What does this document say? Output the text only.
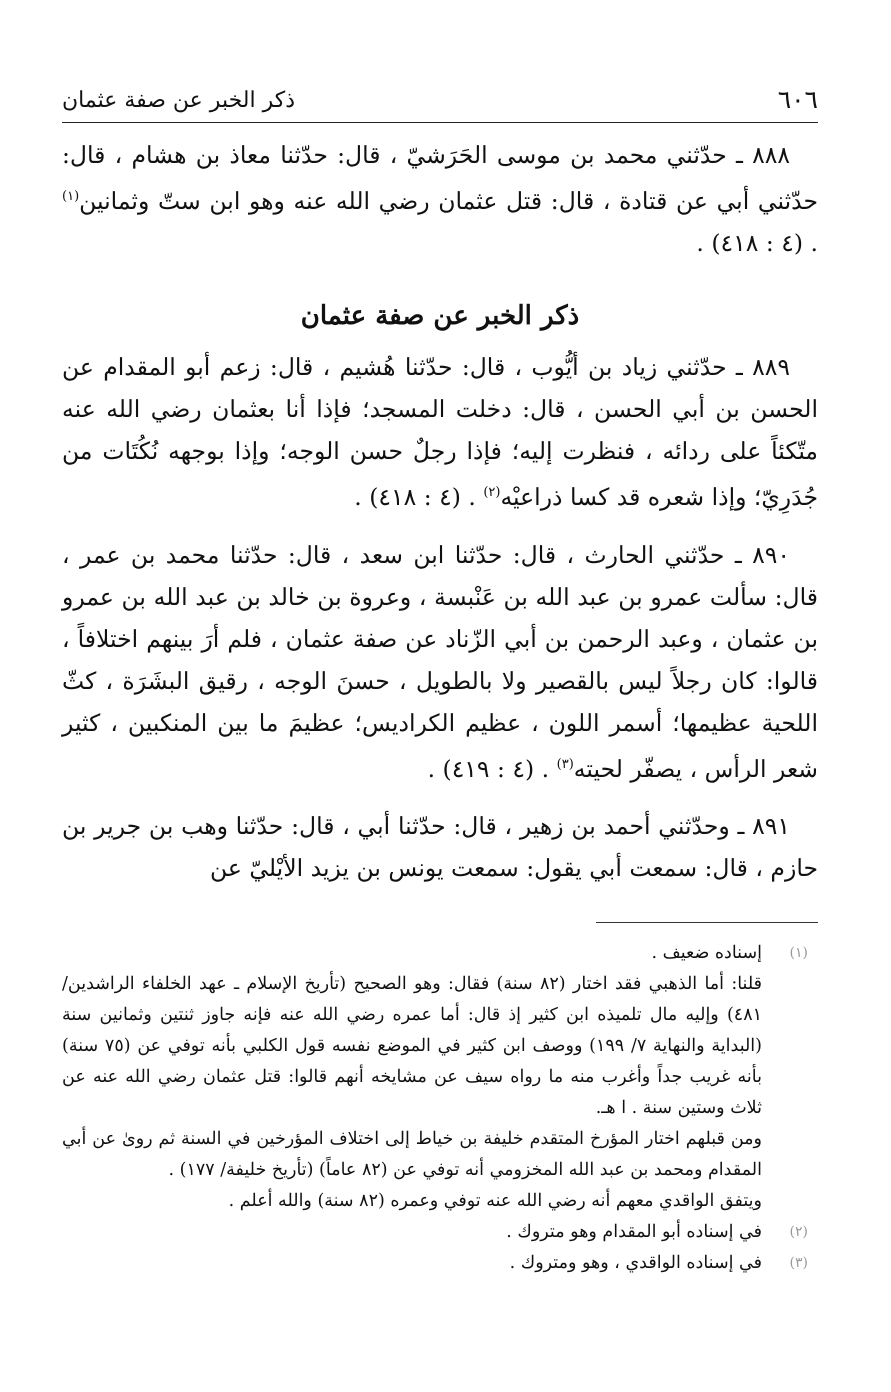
٦٠٦
ذكر الخبر عن صفة عثمان

٨٨٨ ـ حدّثني محمد بن موسى الحَرَشيّ ، قال: حدّثنا معاذ بن هشام ، قال: حدّثني أبي عن قتادة ، قال: قتل عثمان رضي الله عنه وهو ابن ستّ وثمانين$^{(١)}$ . (٤ : ٤١٨) .

ذكر الخبر عن صفة عثمان

٨٨٩ ـ حدّثني زياد بن أيُّوب ، قال: حدّثنا هُشيم ، قال: زعم أبو المقدام عن الحسن بن أبي الحسن ، قال: دخلت المسجد؛ فإذا أنا بعثمان رضي الله عنه متّكئاً على ردائه ، فنظرت إليه؛ فإذا رجلٌ حسن الوجه؛ وإذا بوجهه نُكُتَات من جُدَرِيّ؛ وإذا شعره قد كسا ذراعيْه$^{(٢)}$ . (٤ : ٤١٨) .

٨٩٠ ـ حدّثني الحارث ، قال: حدّثنا ابن سعد ، قال: حدّثنا محمد بن عمر ، قال: سألت عمرو بن عبد الله بن عَنْبسة ، وعروة بن خالد بن عبد الله بن عمرو بن عثمان ، وعبد الرحمن بن أبي الزّناد عن صفة عثمان ، فلم أرَ بينهم اختلافاً ، قالوا: كان رجلاً ليس بالقصير ولا بالطويل ، حسنَ الوجه ، رقيق البشَرَة ، كثّ اللحية عظيمها؛ أسمر اللون ، عظيم الكراديس؛ عظيمَ ما بين المنكبين ، كثير شعر الرأس ، يصفّر لحيته$^{(٣)}$ . (٤ : ٤١٩) .

٨٩١ ـ وحدّثني أحمد بن زهير ، قال: حدّثنا أبي ، قال: حدّثنا وهب بن جرير بن حازم ، قال: سمعت أبي يقول: سمعت يونس بن يزيد الأيْليّ عن

(١)
إسناده ضعيف .

قلنا: أما الذهبي فقد اختار (٨٢ سنة) فقال: وهو الصحيح (تأريخ الإسلام ـ عهد الخلفاء الراشدين/ ٤٨١) وإليه مال تلميذه ابن كثير إذ قال: أما عمره رضي الله عنه فإنه جاوز ثنتين وثمانين سنة (البداية والنهاية ٧/ ١٩٩) ووصف ابن كثير في الموضع نفسه قول الكلبي بأنه توفي عن (٧٥ سنة) بأنه غريب جداً وأغرب منه ما رواه سيف عن مشايخه أنهم قالوا: قتل عثمان رضي الله عنه عن ثلاث وستين سنة . ا هـ.

ومن قبلهم اختار المؤرخ المتقدم خليفة بن خياط إلى اختلاف المؤرخين في السنة ثم روىٰ عن أبي المقدام ومحمد بن عبد الله المخزومي أنه توفي عن (٨٢ عاماً) (تأريخ خليفة/ ١٧٧) .

ويتفق الواقدي معهم أنه رضي الله عنه توفي وعمره (٨٢ سنة) والله أعلم .

(٢)
في إسناده أبو المقدام وهو متروك .

(٣)
في إسناده الواقدي ، وهو ومتروك .
